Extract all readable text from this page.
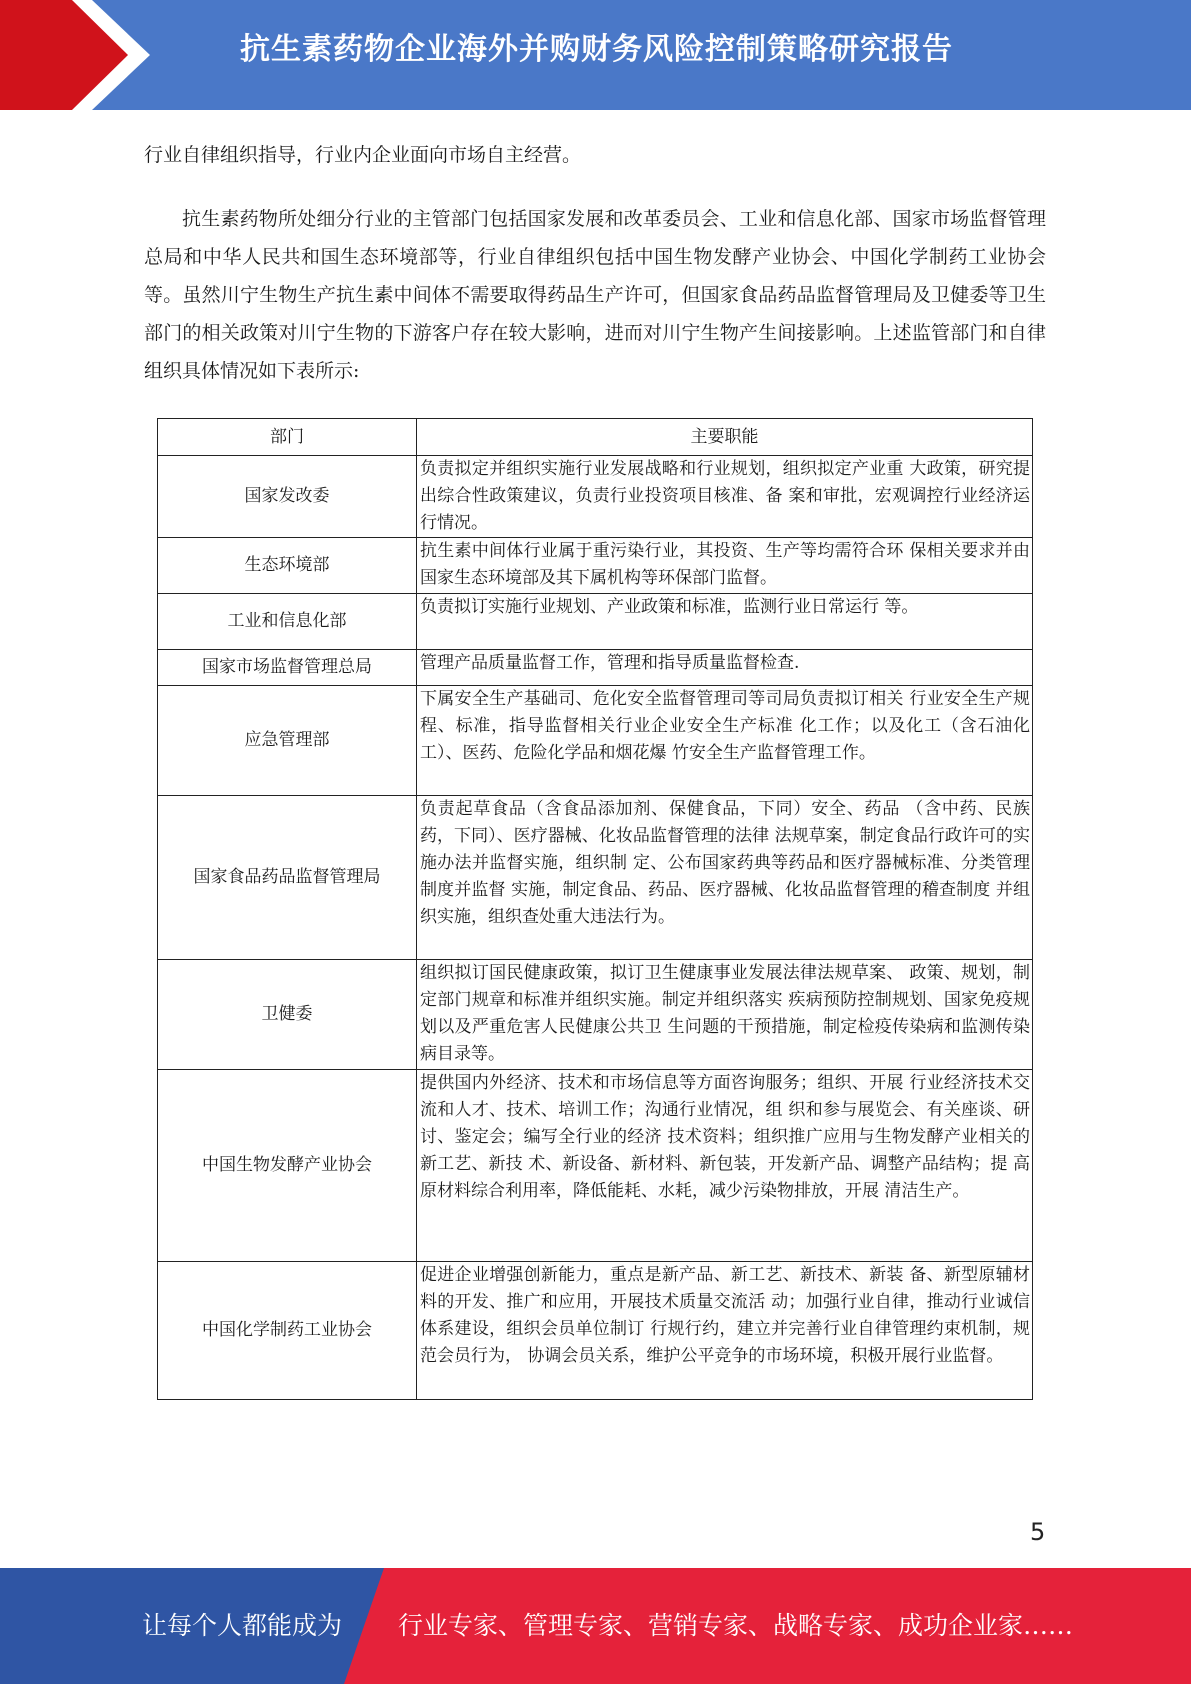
抗生素药物企业海外并购财务风险控制策略研究报告

行业自律组织指导，行业内企业面向市场自主经营。

抗生素药物所处细分行业的主管部门包括国家发展和改革委员会、工业和信息化部、国家市场监督管理总局和中华人民共和国生态环境部等，行业自律组织包括中国生物发酵产业协会、中国化学制药工业协会等。虽然川宁生物生产抗生素中间体不需要取得药品生产许可，但国家食品药品监督管理局及卫健委等卫生部门的相关政策对川宁生物的下游客户存在较大影响，进而对川宁生物产生间接影响。上述监管部门和自律组织具体情况如下表所示:

部门	主要职能
国家发改委	负责拟定并组织实施行业发展战略和行业规划，组织拟定产业重 大政策，研究提出综合性政策建议，负责行业投资项目核准、备 案和审批，宏观调控行业经济运行情况。
生态环境部	抗生素中间体行业属于重污染行业，其投资、生产等均需符合环 保相关要求并由国家生态环境部及其下属机构等环保部门监督。
工业和信息化部	负责拟订实施行业规划、产业政策和标准，监测行业日常运行 等。
国家市场监督管理总局	管理产品质量监督工作，管理和指导质量监督检查.
应急管理部	下属安全生产基础司、危化安全监督管理司等司局负责拟订相关 行业安全生产规程、标准，指导监督相关行业企业安全生产标准 化工作；以及化工（含石油化工）、医药、危险化学品和烟花爆 竹安全生产监督管理工作。
国家食品药品监督管理局	负责起草食品（含食品添加剂、保健食品，下同）安全、药品 （含中药、民族药，下同）、医疗器械、化妆品监督管理的法律 法规草案，制定食品行政许可的实施办法并监督实施，组织制 定、公布国家药典等药品和医疗器械标准、分类管理制度并监督 实施，制定食品、药品、医疗器械、化妆品监督管理的稽查制度 并组织实施，组织查处重大违法行为。
卫健委	组织拟订国民健康政策，拟订卫生健康事业发展法律法规草案、 政策、规划，制定部门规章和标准并组织实施。制定并组织落实 疾病预防控制规划、国家免疫规划以及严重危害人民健康公共卫 生问题的干预措施，制定检疫传染病和监测传染病目录等。
中国生物发酵产业协会	提供国内外经济、技术和市场信息等方面咨询服务；组织、开展 行业经济技术交流和人才、技术、培训工作；沟通行业情况，组 织和参与展览会、有关座谈、研讨、鉴定会；编写全行业的经济 技术资料；组织推广应用与生物发酵产业相关的新工艺、新技 术、新设备、新材料、新包装，开发新产品、调整产品结构；提 高原材料综合利用率，降低能耗、水耗，减少污染物排放，开展 清洁生产。
中国化学制药工业协会	促进企业增强创新能力，重点是新产品、新工艺、新技术、新装 备、新型原辅材料的开发、推广和应用，开展技术质量交流活 动；加强行业自律，推动行业诚信体系建设，组织会员单位制订 行规行约，建立并完善行业自律管理约束机制，规范会员行为， 协调会员关系，维护公平竞争的市场环境，积极开展行业监督。
5
让每个人都能成为 行业专家、管理专家、营销专家、战略专家、成功企业家……
